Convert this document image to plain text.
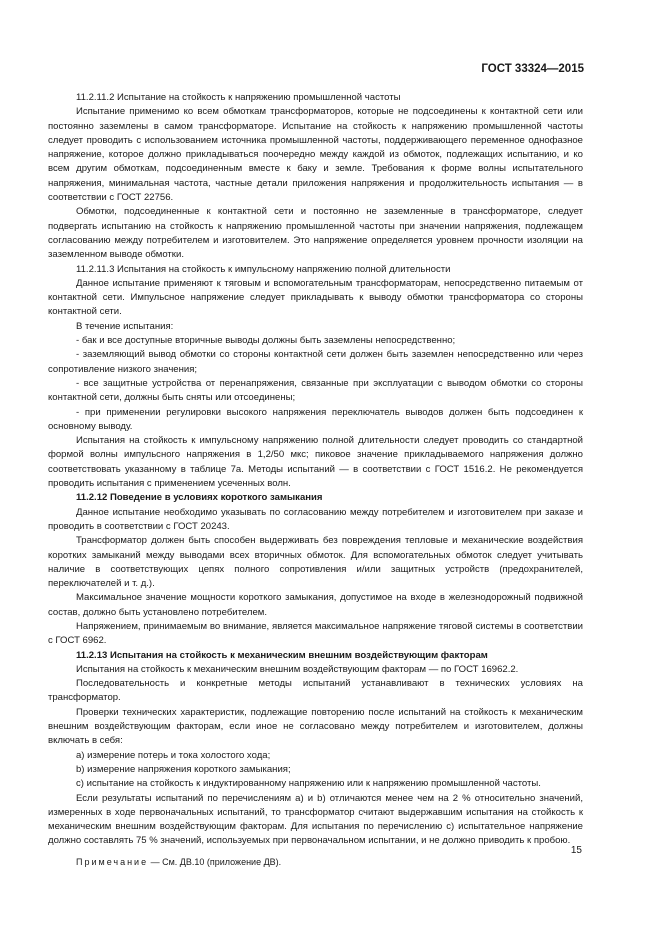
ГОСТ 33324—2015

11.2.11.2 Испытание на стойкость к напряжению промышленной частоты

Испытание применимо ко всем обмоткам трансформаторов, которые не подсоединены к контактной сети или постоянно заземлены в самом трансформаторе. Испытание на стойкость к напряжению промышленной частоты следует проводить с использованием источника промышленной частоты, поддерживающего переменное однофазное напряжение, которое должно прикладываться поочередно между каждой из обмоток, подлежащих испытанию, и ко всем другим обмоткам, подсоединенным вместе к баку и земле. Требования к форме волны испытательного напряжения, минимальная частота, частные детали приложения напряжения и продолжительность испытания — в соответствии с ГОСТ 22756.

Обмотки, подсоединенные к контактной сети и постоянно не заземленные в трансформаторе, следует подвергать испытанию на стойкость к напряжению промышленной частоты при значении напряжения, подлежащем согласованию между потребителем и изготовителем. Это напряжение определяется уровнем прочности изоляции на заземленном выводе обмотки.

11.2.11.3 Испытания на стойкость к импульсному напряжению полной длительности

Данное испытание применяют к тяговым и вспомогательным трансформаторам, непосредственно питаемым от контактной сети. Импульсное напряжение следует прикладывать к выводу обмотки трансформатора со стороны контактной сети.

В течение испытания:

- бак и все доступные вторичные выводы должны быть заземлены непосредственно;

- заземляющий вывод обмотки со стороны контактной сети должен быть заземлен непосредственно или через сопротивление низкого значения;

- все защитные устройства от перенапряжения, связанные при эксплуатации с выводом обмотки со стороны контактной сети, должны быть сняты или отсоединены;

- при применении регулировки высокого напряжения переключатель выводов должен быть подсоединен к основному выводу.

Испытания на стойкость к импульсному напряжению полной длительности следует проводить со стандартной формой волны импульсного напряжения в 1,2/50 мкс; пиковое значение прикладываемого напряжения должно соответствовать указанному в таблице 7а. Методы испытаний — в соответствии с ГОСТ 1516.2. Не рекомендуется проводить испытания с применением усеченных волн.

11.2.12 Поведение в условиях короткого замыкания

Данное испытание необходимо указывать по согласованию между потребителем и изготовителем при заказе и проводить в соответствии с ГОСТ 20243.

Трансформатор должен быть способен выдерживать без повреждения тепловые и механические воздействия коротких замыканий между выводами всех вторичных обмоток. Для вспомогательных обмоток следует учитывать наличие в соответствующих цепях полного сопротивления и/или защитных устройств (предохранителей, переключателей и т. д.).

Максимальное значение мощности короткого замыкания, допустимое на входе в железнодорожный подвижной состав, должно быть установлено потребителем.

Напряжением, принимаемым во внимание, является максимальное напряжение тяговой системы в соответствии с ГОСТ 6962.

11.2.13 Испытания на стойкость к механическим внешним воздействующим факторам

Испытания на стойкость к механическим внешним воздействующим факторам — по ГОСТ 16962.2.

Последовательность и конкретные методы испытаний устанавливают в технических условиях на трансформатор.

Проверки технических характеристик, подлежащие повторению после испытаний на стойкость к механическим внешним воздействующим факторам, если иное не согласовано между потребителем и изготовителем, должны включать в себя:

a) измерение потерь и тока холостого хода;

b) измерение напряжения короткого замыкания;

c) испытание на стойкость к индуктированному напряжению или к напряжению промышленной частоты.

Если результаты испытаний по перечислениям a) и b) отличаются менее чем на 2 % относительно значений, измеренных в ходе первоначальных испытаний, то трансформатор считают выдержавшим испытания на стойкость к механическим внешним воздействующим факторам. Для испытания по перечислению c) испытательное напряжение должно составлять 75 % значений, используемых при первоначальном испытании, и не должно приводить к пробою.

Примечание — См. ДВ.10 (приложение ДВ).

15
